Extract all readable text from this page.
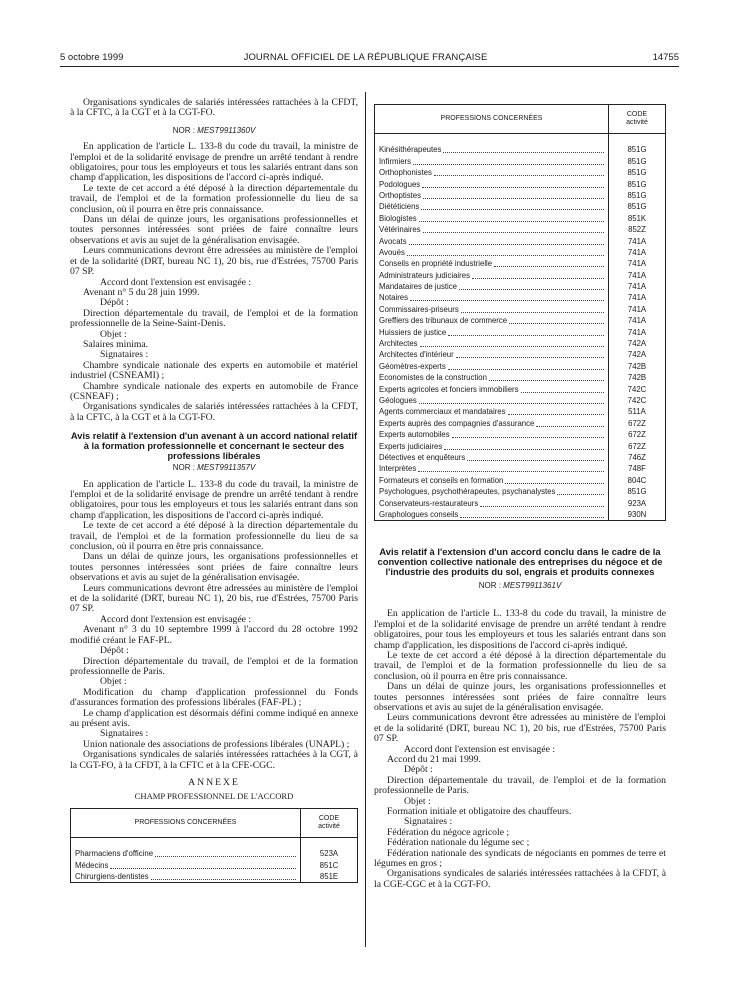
5 octobre 1999	JOURNAL OFFICIEL DE LA RÉPUBLIQUE FRANÇAISE	14755

Organisations syndicales de salariés intéressées rattachées à la CFDT, à la CFTC, à la CGT et à la CGT-FO.

NOR : MEST9911360V

En application de l'article L. 133-8 du code du travail, la ministre de l'emploi et de la solidarité envisage de prendre un arrêté tendant à rendre obligatoires, pour tous les employeurs et tous les salariés entrant dans son champ d'application, les dispositions de l'accord ci-après indiqué.

Le texte de cet accord a été déposé à la direction départementale du travail, de l'emploi et de la formation professionnelle du lieu de sa conclusion, où il pourra en être pris connaissance.

Dans un délai de quinze jours, les organisations professionnelles et toutes personnes intéressées sont priées de faire connaître leurs observations et avis au sujet de la généralisation envisagée.

Leurs communications devront être adressées au ministère de l'emploi et de la solidarité (DRT, bureau NC 1), 20 bis, rue d'Estrées, 75700 Paris 07 SP.

Accord dont l'extension est envisagée :

Avenant n° 5 du 28 juin 1999.

Dépôt :

Direction départementale du travail, de l'emploi et de la formation professionnelle de la Seine-Saint-Denis.

Objet :

Salaires minima.

Signataires :

Chambre syndicale nationale des experts en automobile et matériel industriel (CSNEAMI) ;

Chambre syndicale nationale des experts en automobile de France (CSNEAF) ;

Organisations syndicales de salariés intéressées rattachées à la CFDT, à la CFTC, à la CGT et à la CGT-FO.

Avis relatif à l'extension d'un avenant à un accord national relatif à la formation professionnelle et concernant le secteur des professions libérales

NOR : MEST9911357V

En application de l'article L. 133-8 du code du travail, la ministre de l'emploi et de la solidarité envisage de prendre un arrêté tendant à rendre obligatoires, pour tous les employeurs et tous les salariés entrant dans son champ d'application, les dispositions de l'accord ci-après indiqué.

Le texte de cet accord a été déposé à la direction départementale du travail, de l'emploi et de la formation professionnelle du lieu de sa conclusion, où il pourra en être pris connaissance.

Dans un délai de quinze jours, les organisations professionnelles et toutes personnes intéressées sont priées de faire connaître leurs observations et avis au sujet de la généralisation envisagée.

Leurs communications devront être adressées au ministère de l'emploi et de la solidarité (DRT, bureau NC 1), 20 bis, rue d'Estrées, 75700 Paris 07 SP.

Accord dont l'extension est envisagée :

Avenant n° 3 du 10 septembre 1999 à l'accord du 28 octobre 1992 modifié créant le FAF-PL.

Dépôt :

Direction départementale du travail, de l'emploi et de la formation professionnelle de Paris.

Objet :

Modification du champ d'application professionnel du Fonds d'assurances formation des professions libérales (FAF-PL) ;

Le champ d'application est désormais défini comme indiqué en annexe au présent avis.

Signataires :

Union nationale des associations de professions libérales (UNAPL) ;

Organisations syndicales de salariés intéressées rattachées à la CGT, à la CGT-FO, à la CFDT, à la CFTC et à la CFE-CGC.

ANNEXE

CHAMP PROFESSIONNEL DE L'ACCORD

PROFESSIONS CONCERNÉES	CODE
activité

Pharmaciens d'officine	523A

Médecins	851C

Chirurgiens-dentistes	851E
PROFESSIONS CONCERNÉES	CODE
activité

Kinésithérapeutes	851G

Infirmiers	851G

Orthophonistes	851G

Podologues	851G

Orthoptistes	851G

Diététiciens	851G

Biologistes	851K

Vétérinaires	852Z

Avocats	741A

Avoués	741A

Conseils en propriété industrielle	741A

Administrateurs judiciaires	741A

Mandataires de justice	741A

Notaires	741A

Commissaires-priseurs	741A

Greffiers des tribunaux de commerce	741A

Huissiers de justice	741A

Architectes	742A

Architectes d'intérieur	742A

Géomètres-experts	742B

Economistes de la construction	742B

Experts agricoles et fonciers immobiliers	742C

Géologues	742C

Agents commerciaux et mandataires	511A

Experts auprès des compagnies d'assurance	672Z

Experts automobiles	672Z

Experts judiciaires	672Z

Détectives et enquêteurs	746Z

Interprètes	748F

Formateurs et conseils en formation	804C

Psychologues, psychothérapeutes, psychanalystes	851G

Conservateurs-restaurateurs	923A

Graphologues conseils	930N

Avis relatif à l'extension d'un accord conclu dans le cadre de la convention collective nationale des entreprises du négoce et de l'industrie des produits du sol, engrais et produits connexes

NOR : MEST9911361V

En application de l'article L. 133-8 du code du travail, la ministre de l'emploi et de la solidarité envisage de prendre un arrêté tendant à rendre obligatoires, pour tous les employeurs et tous les salariés entrant dans son champ d'application, les dispositions de l'accord ci-après indiqué.

Le texte de cet accord a été déposé à la direction départementale du travail, de l'emploi et de la formation professionnelle du lieu de sa conclusion, où il pourra en être pris connaissance.

Dans un délai de quinze jours, les organisations professionnelles et toutes personnes intéressées sont priées de faire connaître leurs observations et avis au sujet de la généralisation envisagée.

Leurs communications devront être adressées au ministère de l'emploi et de la solidarité (DRT, bureau NC 1), 20 bis, rue d'Estrées, 75700 Paris 07 SP.

Accord dont l'extension est envisagée :

Accord du 21 mai 1999.

Dépôt :

Direction départementale du travail, de l'emploi et de la formation professionnelle de Paris.

Objet :

Formation initiale et obligatoire des chauffeurs.

Signataires :

Fédération du négoce agricole ;

Fédération nationale du légume sec ;

Fédération nationale des syndicats de négociants en pommes de terre et légumes en gros ;

Organisations syndicales de salariés intéressées rattachées à la CFDT, à la CGE-CGC et à la CGT-FO.
